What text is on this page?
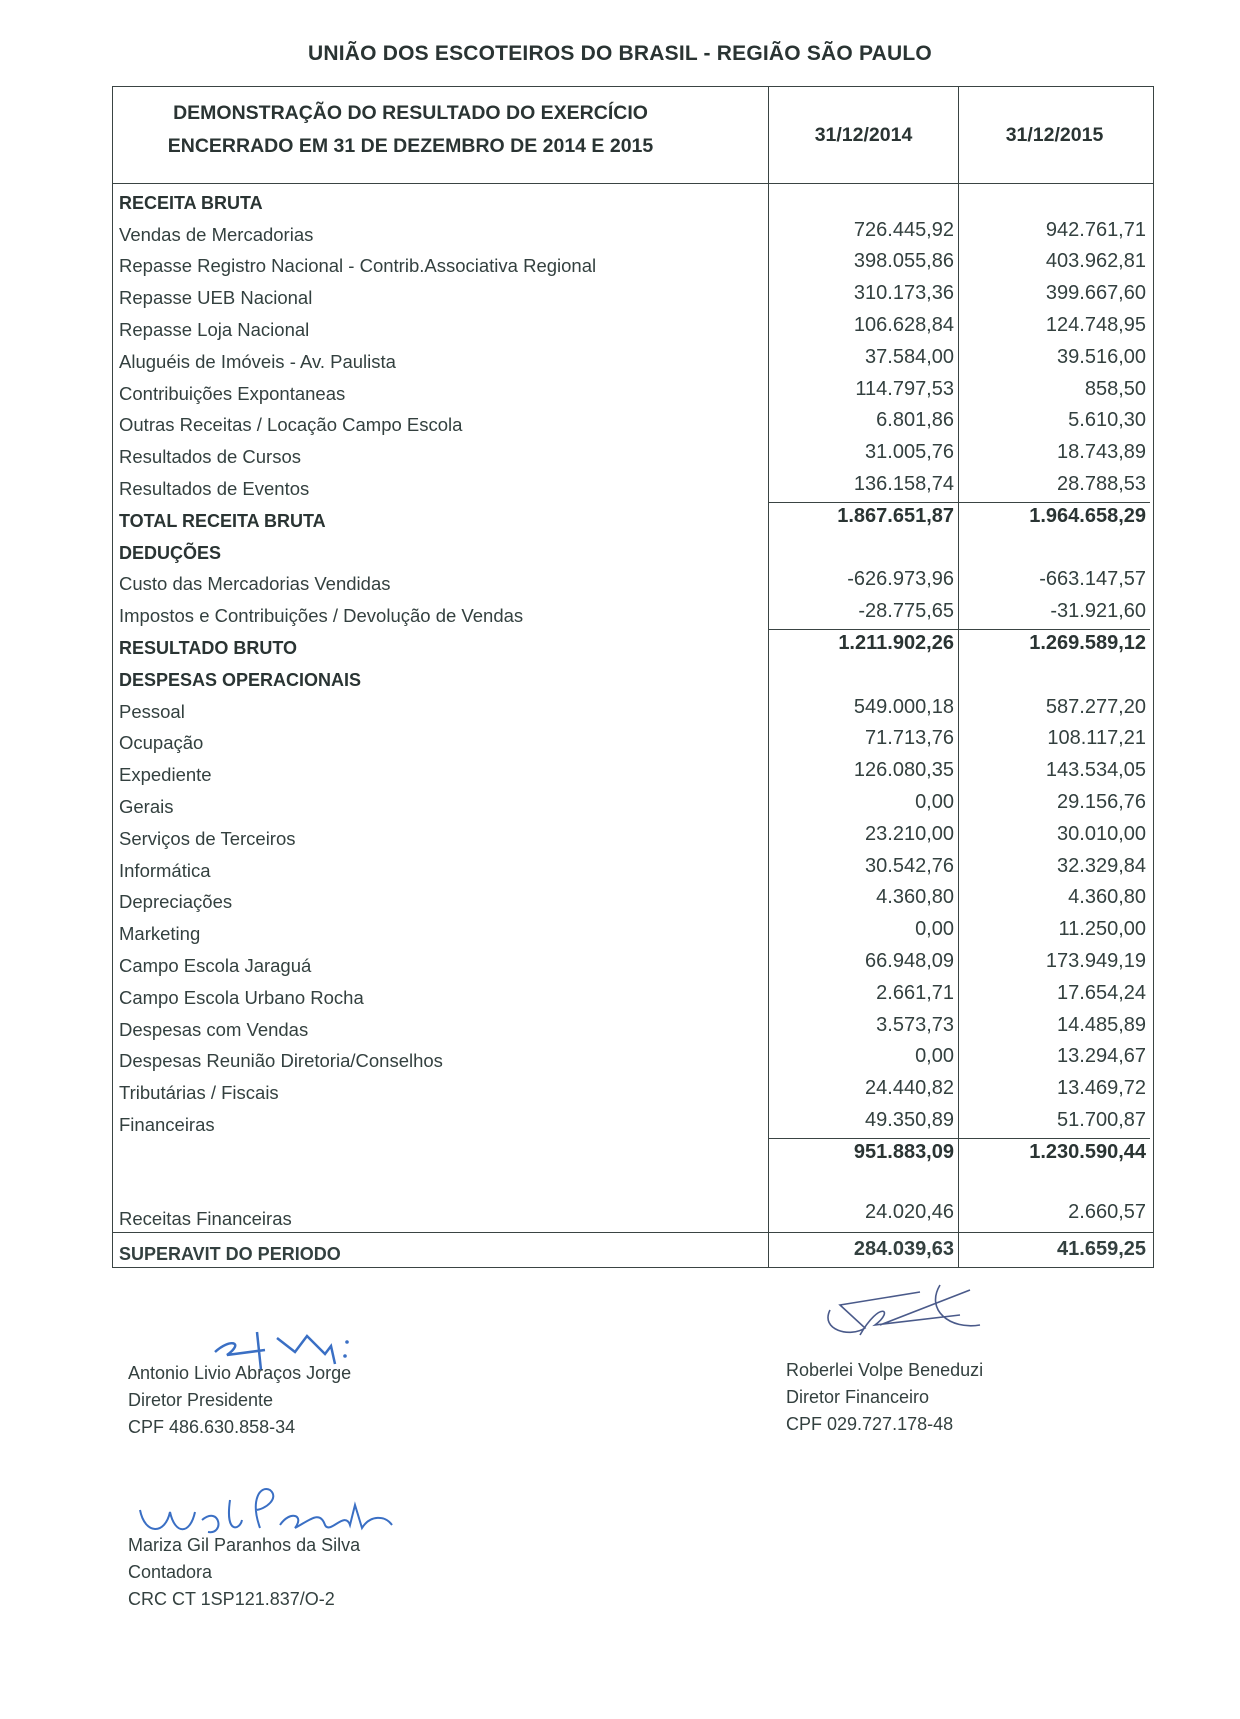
UNIÃO DOS ESCOTEIROS DO BRASIL - REGIÃO SÃO PAULO
DEMONSTRAÇÃO DO RESULTADO DO EXERCÍCIO
ENCERRADO EM 31 DE DEZEMBRO DE 2014 E 2015
31/12/2014	31/12/2015
RECEITA BRUTA
Vendas de Mercadorias	726.445,92	942.761,71
Repasse Registro Nacional - Contrib.Associativa Regional	398.055,86	403.962,81
Repasse UEB Nacional	310.173,36	399.667,60
Repasse Loja Nacional	106.628,84	124.748,95
Aluguéis de Imóveis - Av. Paulista	37.584,00	39.516,00
Contribuições Expontaneas	114.797,53	858,50
Outras Receitas / Locação Campo Escola	6.801,86	5.610,30
Resultados de Cursos	31.005,76	18.743,89
Resultados de Eventos	136.158,74	28.788,53
TOTAL RECEITA BRUTA	1.867.651,87	1.964.658,29
DEDUÇÕES
Custo das Mercadorias Vendidas	-626.973,96	-663.147,57
Impostos e Contribuições / Devolução de Vendas	-28.775,65	-31.921,60
RESULTADO BRUTO	1.211.902,26	1.269.589,12
DESPESAS OPERACIONAIS
Pessoal	549.000,18	587.277,20
Ocupação	71.713,76	108.117,21
Expediente	126.080,35	143.534,05
Gerais	0,00	29.156,76
Serviços de Terceiros	23.210,00	30.010,00
Informática	30.542,76	32.329,84
Depreciações	4.360,80	4.360,80
Marketing	0,00	11.250,00
Campo Escola Jaraguá	66.948,09	173.949,19
Campo Escola Urbano Rocha	2.661,71	17.654,24
Despesas com Vendas	3.573,73	14.485,89
Despesas Reunião Diretoria/Conselhos	0,00	13.294,67
Tributárias / Fiscais	24.440,82	13.469,72
Financeiras	49.350,89	51.700,87
951.883,09	1.230.590,44
Receitas Financeiras	24.020,46	2.660,57
SUPERAVIT DO PERIODO	284.039,63	41.659,25
Antonio Livio Abraços Jorge
Diretor Presidente
CPF 486.630.858-34
Roberlei Volpe Beneduzi
Diretor Financeiro
CPF 029.727.178-48
Mariza Gil Paranhos da Silva
Contadora
CRC CT 1SP121.837/O-2
